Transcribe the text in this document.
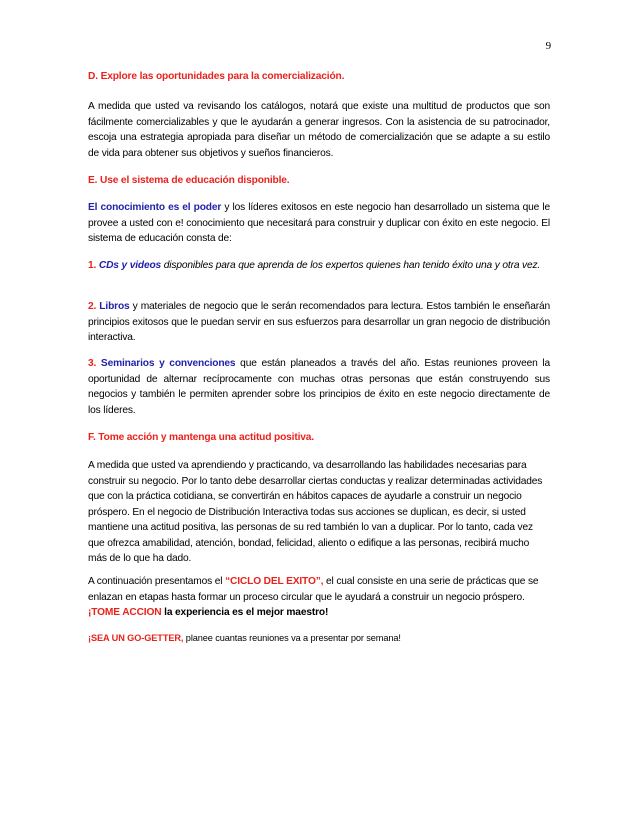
9

D. Explore las oportunidades para la comercialización.

A medida que usted va revisando los catálogos, notará que existe una multitud de productos que son fácilmente comercializables y que le ayudarán a generar ingresos. Con la asistencia de su patrocinador, escoja una estrategia apropiada para diseñar un método de comercialización que se adapte a su estilo de vida para obtener sus objetivos y sueños financieros.

E. Use el sistema de educación disponible.

El conocimiento es el poder y los líderes exitosos en este negocio han desarrollado un sistema que le provee a usted con e! conocimiento que necesitará para construir y duplicar con éxito en este negocio. El sistema de educación consta de:

1. CDs y videos disponibles para que aprenda de los expertos quienes han tenido éxito una y otra vez.

2. Libros y materiales de negocio que le serán recomendados para lectura. Estos también le enseñarán principios exitosos que le puedan servir en sus esfuerzos para desarrollar un gran negocio de distribución interactiva.

3. Seminarios y convenciones que están planeados a través del año. Estas reuniones proveen la oportunidad de alternar recíprocamente con muchas otras personas que están construyendo sus negocios y también le permiten aprender sobre los principios de éxito en este negocio directamente de los líderes.

F. Tome acción y mantenga una actitud positiva.

A medida que usted va aprendiendo y practicando, va desarrollando las habilidades necesarias para construir su negocio. Por lo tanto debe desarrollar ciertas conductas y realizar determinadas actividades que con la práctica cotidiana, se convertirán en hábitos capaces de ayudarle a construir un negocio próspero. En el negocio de Distribución Interactiva todas sus acciones se duplican, es decir, si usted mantiene una actitud positiva, las personas de su red también lo van a duplicar. Por lo tanto, cada vez que ofrezca amabilidad, atención, bondad, felicidad, aliento o edifique a las personas, recibirá mucho más de lo que ha dado.

A continuación presentamos el “CICLO DEL EXITO”, el cual consiste en una serie de prácticas que se enlazan en etapas hasta formar un proceso circular que le ayudará a construir un negocio próspero. ¡TOME ACCION la experiencia es el mejor maestro!

¡SEA UN GO-GETTER, planee cuantas reuniones va a presentar por semana!
